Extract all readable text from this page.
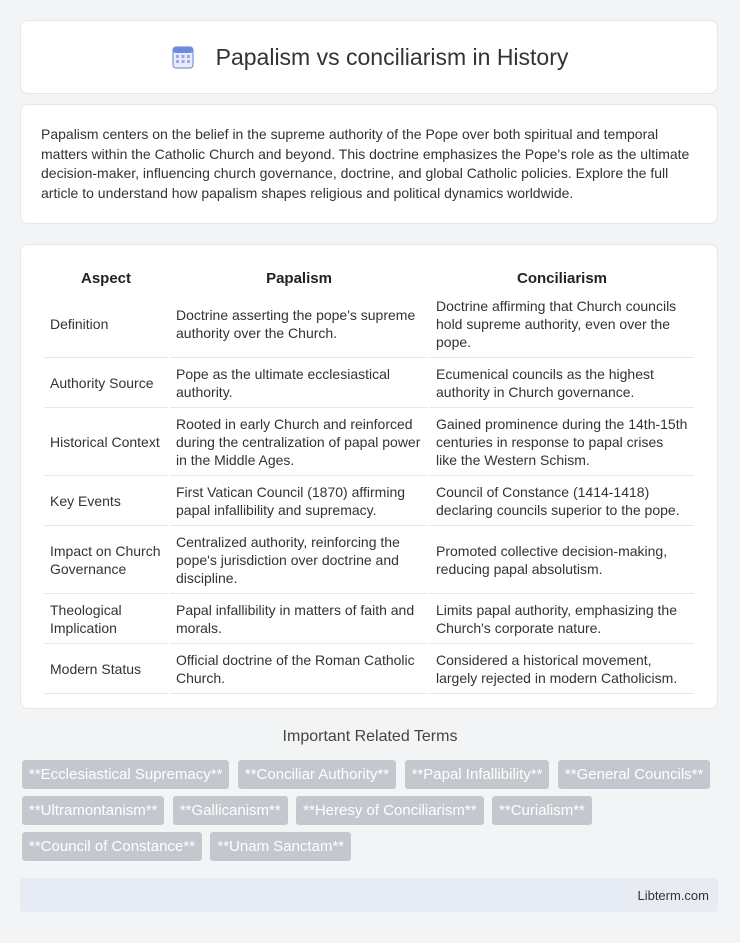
Papalism vs conciliarism in History

Papalism centers on the belief in the supreme authority of the Pope over both spiritual and temporal matters within the Catholic Church and beyond. This doctrine emphasizes the Pope's role as the ultimate decision-maker, influencing church governance, doctrine, and global Catholic policies. Explore the full article to understand how papalism shapes religious and political dynamics worldwide.

Aspect	Papalism	Conciliarism
Definition	Doctrine asserting the pope's supreme authority over the Church.	Doctrine affirming that Church councils hold supreme authority, even over the pope.
Authority Source	Pope as the ultimate ecclesiastical authority.	Ecumenical councils as the highest authority in Church governance.
Historical Context	Rooted in early Church and reinforced during the centralization of papal power in the Middle Ages.	Gained prominence during the 14th-15th centuries in response to papal crises like the Western Schism.
Key Events	First Vatican Council (1870) affirming papal infallibility and supremacy.	Council of Constance (1414-1418) declaring councils superior to the pope.
Impact on Church Governance	Centralized authority, reinforcing the pope's jurisdiction over doctrine and discipline.	Promoted collective decision-making, reducing papal absolutism.
Theological Implication	Papal infallibility in matters of faith and morals.	Limits papal authority, emphasizing the Church's corporate nature.
Modern Status	Official doctrine of the Roman Catholic Church.	Considered a historical movement, largely rejected in modern Catholicism.
Important Related Terms
**Ecclesiastical Supremacy** **Conciliar Authority** **Papal Infallibility** **General Councils** **Ultramontanism** **Gallicanism** **Heresy of Conciliarism** **Curialism** **Council of Constance** **Unam Sanctam**
Libterm.com
